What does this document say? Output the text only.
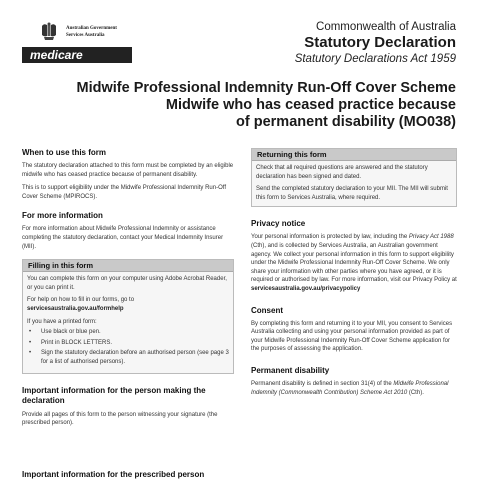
Australian Government
Services Australia
medicare
Commonwealth of Australia
Statutory Declaration
Statutory Declarations Act 1959
Midwife Professional Indemnity Run-Off Cover Scheme
Midwife who has ceased practice because
of permanent disability (MO038)
When to use this form

The statutory declaration attached to this form must be completed by an eligible midwife who has ceased practice because of permanent disability.

This is to support eligibility under the Midwife Professional Indemnity Run-Off Cover Scheme (MPIROCS).

For more information

For more information about Midwife Professional Indemnity or assistance completing the statutory declaration, contact your Medical Indemnity Insurer (MII).

Filling in this form

You can complete this form on your computer using Adobe Acrobat Reader, or you can print it.

For help on how to fill in our forms, go to
servicesaustralia.gov.au/formhelp

If you have a printed form:

• Use black or blue pen.
• Print in BLOCK LETTERS.
• Sign the statutory declaration before an authorised person (see page 3 for a list of authorised persons).
Important information for the person making the declaration

Provide all pages of this form to the person witnessing your signature (the prescribed person).

Important information for the prescribed person
Returning this form

Check that all required questions are answered and the statutory declaration has been signed and dated.

Send the completed statutory declaration to your MII. The MII will submit this form to Services Australia, where required.

Privacy notice

Your personal information is protected by law, including the Privacy Act 1988 (Cth), and is collected by Services Australia, an Australian government agency. We collect your personal information in this form to support eligibility under the Midwife Professional Indemnity Run-Off Cover Scheme. We only share your information with other parties where you have agreed, or it is required or authorised by law. For more information, visit our Privacy Policy at
servicesaustralia.gov.au/privacypolicy

Consent

By completing this form and returning it to your MII, you consent to Services Australia collecting and using your personal information provided as part of your Midwife Professional Indemnity Run-Off Cover Scheme application for the purposes of assessing the application.

Permanent disability

Permanent disability is defined in section 31(4) of the Midwife Professional Indemnity (Commonwealth Contribution) Scheme Act 2010 (Cth).
